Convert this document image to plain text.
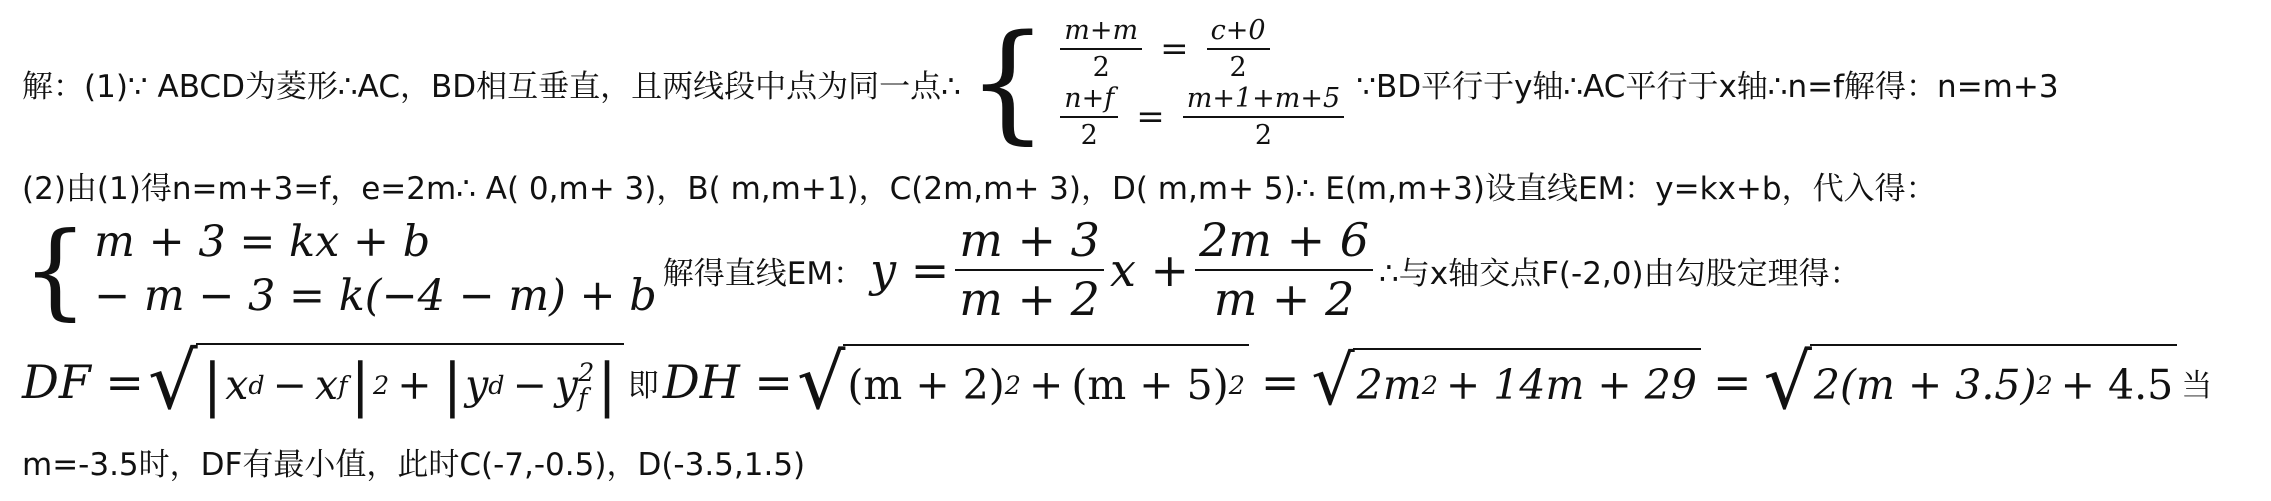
解：(1)∵ ABCD为菱形∴AC，BD相互垂直，且两线段中点为同一点∴ { $\frac{m+m}{2} = \frac{c+0}{2}$
$\frac{n+f}{2} = \frac{m+1+m+5}{2}$ ∵BD平行于y轴∴AC平行于x轴∴n=f解得：n=m+3
(2)由(1)得n=m+3=f，e=2m∴ A( 0,m+ 3)，B( m,m+1)，C(2m,m+ 3)，D( m,m+ 5)∴ E(m,m+3)设直线EM：y=kx+b，代入得：
{ m + 3 = kx + b
− m − 3 = k(−4 − m) + b 解得直线EM： $y = \frac{m + 3}{m + 2}$ $x + \frac{2m + 6}{m + 2}$ ∴与x轴交点F(-2,0)由勾股定理得：
DF = √ | x d − x f | 2 + | y d − y 2
f | 即 DH = √ (m + 2) 2 + (m + 5) 2 = √ 2m 2 + 14m + 29 = √ 2(m + 3.5) 2 + 4.5 当
m=-3.5时，DF有最小值，此时C(-7,-0.5)，D(-3.5,1.5)
